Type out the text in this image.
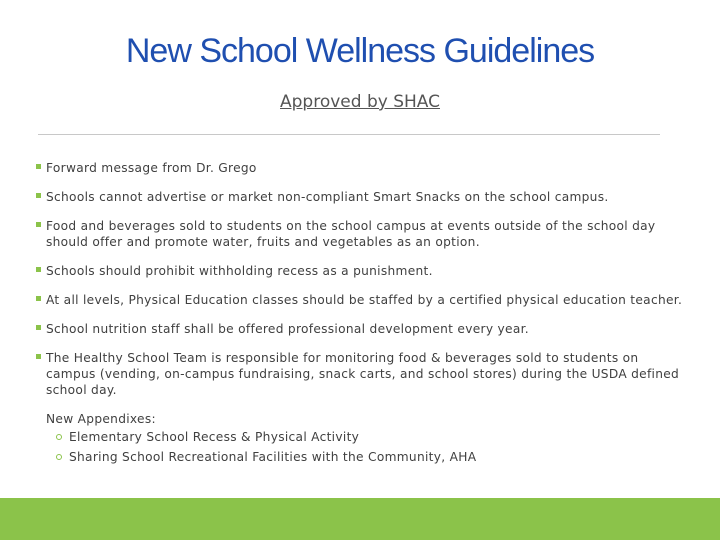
New School Wellness Guidelines
Approved by SHAC
Forward message from Dr. Grego
Schools cannot advertise or market non-compliant Smart Snacks on the school campus.
Food and beverages sold to students on the school campus at events outside of the school day should offer and promote water, fruits and vegetables as an option.
Schools should prohibit withholding recess as a punishment.
At all levels, Physical Education classes should be staffed by a certified physical education teacher.
School nutrition staff shall be offered professional development every year.
The Healthy School Team is responsible for monitoring food & beverages sold to students on campus (vending, on-campus fundraising, snack carts, and school stores) during the USDA defined school day.
New Appendixes:
Elementary School Recess & Physical Activity
Sharing School Recreational Facilities with the Community, AHA
